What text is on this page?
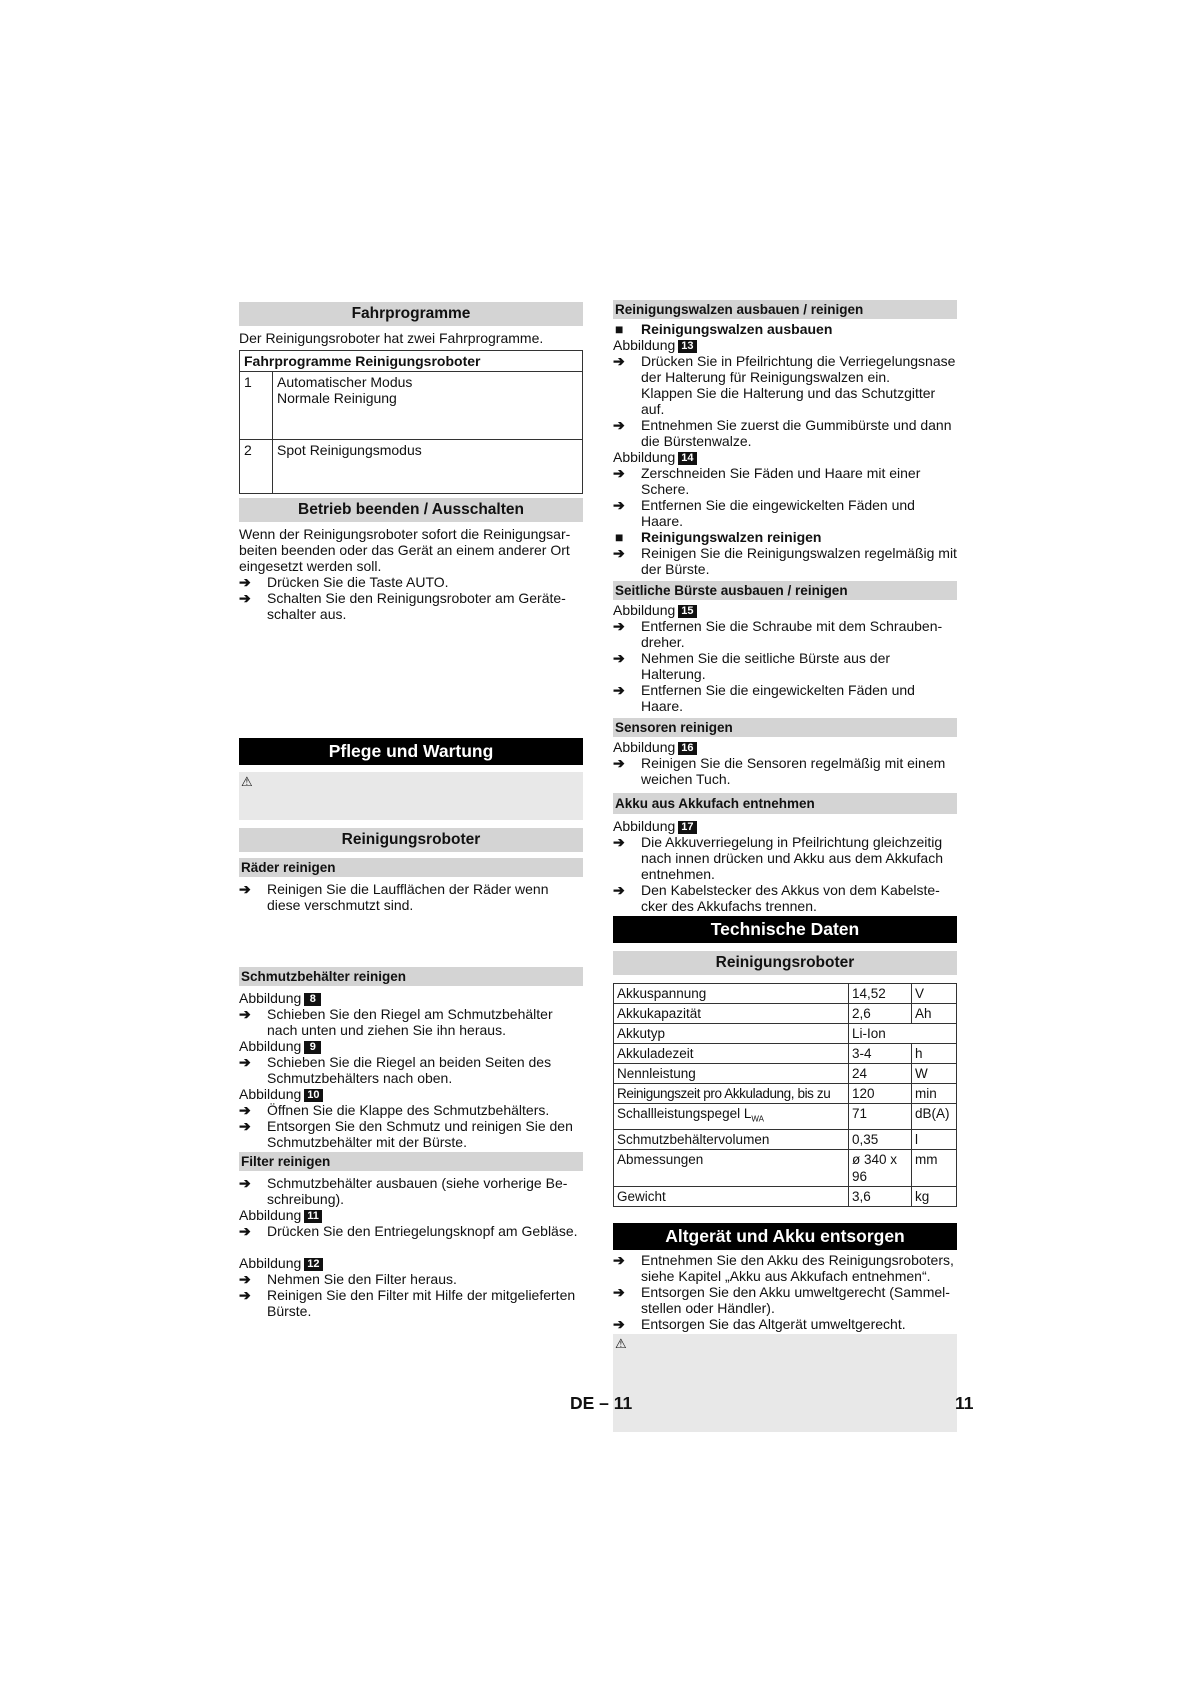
Fahrprogramme

Der Reinigungsroboter hat zwei Fahrprogramme.

Fahrprogramme Reinigungsroboter	
1	Automatischer Modus
Normale Reinigung

2	Spot Reinigungsmodus
Betrieb beenden / Ausschalten

Wenn der Reinigungsroboter sofort die Reinigungsar-beiten beenden oder das Gerät an einem anderer Ort eingesetzt werden soll.

➔ Drücken Sie die Taste AUTO.
➔ Schalten Sie den Reinigungsroboter am Geräte-schalter aus.
Pflege und Wartung
⚠
Reinigungsroboter
Räder reinigen
➔ Reinigen Sie die Laufflächen der Räder wenn diese verschmutzt sind.
Schmutzbehälter reinigen

Abbildung 8

➔ Schieben Sie den Riegel am Schmutzbehälter nach unten und ziehen Sie ihn heraus.

Abbildung 9

➔ Schieben Sie die Riegel an beiden Seiten des Schmutzbehälters nach oben.

Abbildung 10

➔ Öffnen Sie die Klappe des Schmutzbehälters.
➔ Entsorgen Sie den Schmutz und reinigen Sie den Schmutzbehälter mit der Bürste.
Filter reinigen
➔ Schmutzbehälter ausbauen (siehe vorherige Be-schreibung).

Abbildung 11

➔ Drücken Sie den Entriegelungsknopf am Gebläse.

Abbildung 12

➔ Nehmen Sie den Filter heraus.
➔ Reinigen Sie den Filter mit Hilfe der mitgelieferten Bürste.
Reinigungswalzen ausbauen / reinigen
■ Reinigungswalzen ausbauen

Abbildung 13

➔ Drücken Sie in Pfeilrichtung die Verriegelungsnase der Halterung für Reinigungswalzen ein.

Klappen Sie die Halterung und das Schutzgitter auf.

➔ Entnehmen Sie zuerst die Gummibürste und dann die Bürstenwalze.

Abbildung 14

➔ Zerschneiden Sie Fäden und Haare mit einer Schere.
➔ Entfernen Sie die eingewickelten Fäden und Haare.
■ Reinigungswalzen reinigen
➔ Reinigen Sie die Reinigungswalzen regelmäßig mit der Bürste.
Seitliche Bürste ausbauen / reinigen

Abbildung 15

➔ Entfernen Sie die Schraube mit dem Schrauben-dreher.
➔ Nehmen Sie die seitliche Bürste aus der Halterung.
➔ Entfernen Sie die eingewickelten Fäden und Haare.
Sensoren reinigen

Abbildung 16

➔ Reinigen Sie die Sensoren regelmäßig mit einem weichen Tuch.
Akku aus Akkufach entnehmen

Abbildung 17

➔ Die Akkuverriegelung in Pfeilrichtung gleichzeitig nach innen drücken und Akku aus dem Akkufach entnehmen.
➔ Den Kabelstecker des Akkus von dem Kabelste-cker des Akkufachs trennen.
Technische Daten
Reinigungsroboter
Akkuspannung	14,52	V
Akkukapazität	2,6	Ah
Akkutyp	Li-Ion	
Akkuladezeit	3-4	h
Nennleistung	24	W
Reinigungszeit pro Akkuladung, bis zu	120	min
Schallleistungspegel $L_{WA}$	71	dB(A)
Schmutzbehältervolumen	0,35	l
Abmessungen	ø 340 x 96	mm
Gewicht	3,6	kg
Altgerät und Akku entsorgen
➔ Entnehmen Sie den Akku des Reinigungsroboters, siehe Kapitel „Akku aus Akkufach entnehmen“.
➔ Entsorgen Sie den Akku umweltgerecht (Sammel-stellen oder Händler).
➔ Entsorgen Sie das Altgerät umweltgerecht.
⚠
DE – 11	11
